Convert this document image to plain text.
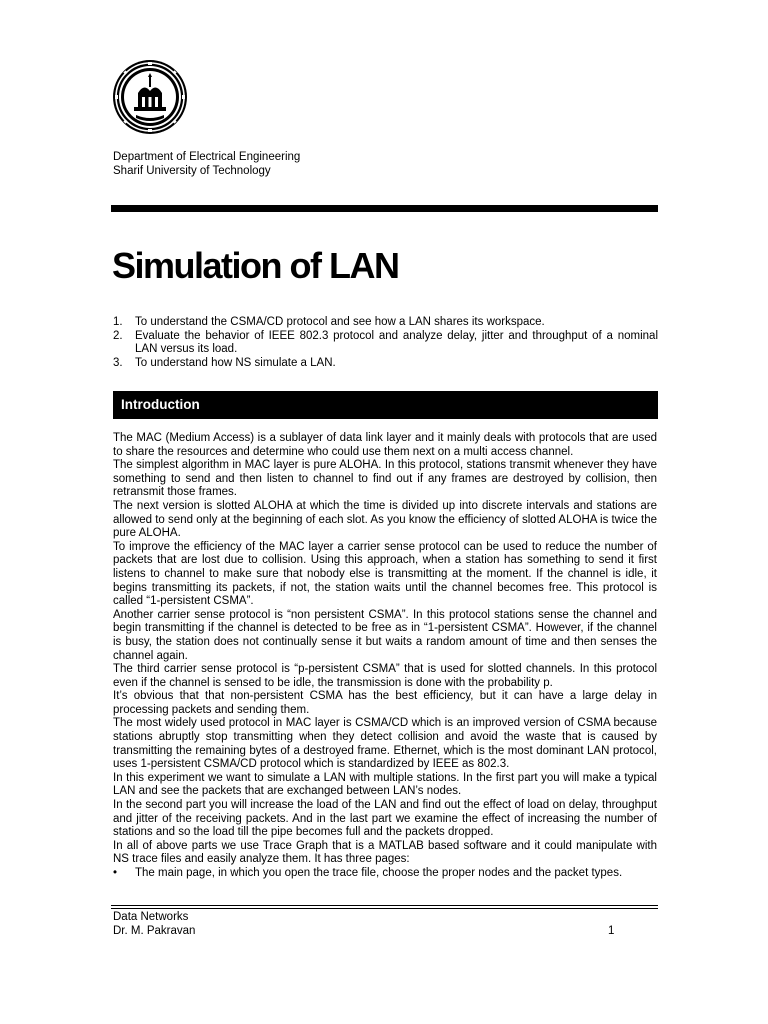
Department of Electrical Engineering
Sharif University of Technology
Simulation of LAN
1.	To understand the CSMA/CD protocol and see how a LAN shares its workspace.
2.	Evaluate the behavior of IEEE 802.3 protocol and analyze delay, jitter and throughput of a nominal LAN versus its load.
3.	To understand how NS simulate a LAN.
Introduction

The MAC (Medium Access) is a sublayer of data link layer and it mainly deals with protocols that are used to share the resources and determine who could use them next on a multi access channel.

The simplest algorithm in MAC layer is pure ALOHA. In this protocol, stations transmit whenever they have something to send and then listen to channel to find out if any frames are destroyed by collision, then retransmit those frames.

The next version is slotted ALOHA at which the time is divided up into discrete intervals and stations are allowed to send only at the beginning of each slot. As you know the efficiency of slotted ALOHA is twice the pure ALOHA.

To improve the efficiency of the MAC layer a carrier sense protocol can be used to reduce the number of packets that are lost due to collision. Using this approach, when a station has something to send it first listens to channel to make sure that nobody else is transmitting at the moment. If the channel is idle, it begins transmitting its packets, if not, the station waits until the channel becomes free. This protocol is called “1-persistent CSMA”.

Another carrier sense protocol is “non persistent CSMA”. In this protocol stations sense the channel and begin transmitting if the channel is detected to be free as in “1-persistent CSMA”. However, if the channel is busy, the station does not continually sense it but waits a random amount of time and then senses the channel again.

The third carrier sense protocol is “p-persistent CSMA” that is used for slotted channels. In this protocol even if the channel is sensed to be idle, the transmission is done with the probability p.

It’s obvious that that non-persistent CSMA has the best efficiency, but it can have a large delay in processing packets and sending them.

The most widely used protocol in MAC layer is CSMA/CD which is an improved version of CSMA because stations abruptly stop transmitting when they detect collision and avoid the waste that is caused by transmitting the remaining bytes of a destroyed frame. Ethernet, which is the most dominant LAN protocol, uses 1-persistent CSMA/CD protocol which is standardized by IEEE as 802.3.

In this experiment we want to simulate a LAN with multiple stations. In the first part you will make a typical LAN and see the packets that are exchanged between LAN’s nodes.

In the second part you will increase the load of the LAN and find out the effect of load on delay, throughput and jitter of the receiving packets. And in the last part we examine the effect of increasing the number of stations and so the load till the pipe becomes full and the packets dropped.

In all of above parts we use Trace Graph that is a MATLAB based software and it could manipulate with NS trace files and easily analyze them. It has three pages:

•	The main page, in which you open the trace file, choose the proper nodes and the packet types.
Data Networks
Dr. M. Pakravan	1
